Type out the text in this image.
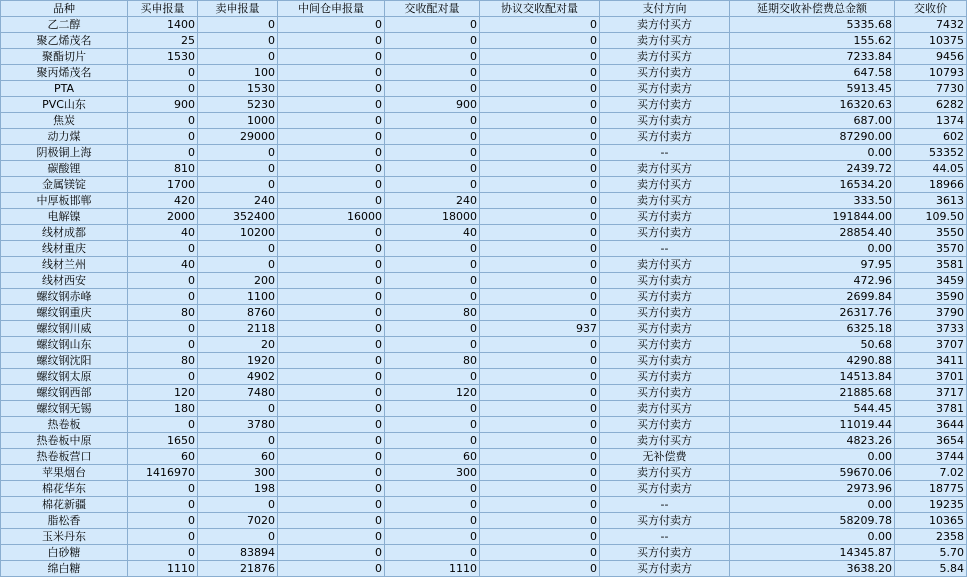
品种	买申报量	卖申报量	中间仓申报量	交收配对量	协议交收配对量	支付方向	延期交收补偿费总金额	交收价
乙二醇	1400	0	0	0	0	卖方付买方	5335.68	7432
聚乙烯茂名	25	0	0	0	0	卖方付买方	155.62	10375
聚酯切片	1530	0	0	0	0	卖方付买方	7233.84	9456
聚丙烯茂名	0	100	0	0	0	买方付卖方	647.58	10793
PTA	0	1530	0	0	0	买方付卖方	5913.45	7730
PVC山东	900	5230	0	900	0	买方付卖方	16320.63	6282
焦炭	0	1000	0	0	0	买方付卖方	687.00	1374
动力煤	0	29000	0	0	0	买方付卖方	87290.00	602
阴极铜上海	0	0	0	0	0	--	0.00	53352
碳酸锂	810	0	0	0	0	卖方付买方	2439.72	44.05
金属镁锭	1700	0	0	0	0	卖方付买方	16534.20	18966
中厚板邯郸	420	240	0	240	0	卖方付买方	333.50	3613
电解镍	2000	352400	16000	18000	0	买方付卖方	191844.00	109.50
线材成都	40	10200	0	40	0	买方付卖方	28854.40	3550
线材重庆	0	0	0	0	0	--	0.00	3570
线材兰州	40	0	0	0	0	卖方付买方	97.95	3581
线材西安	0	200	0	0	0	买方付卖方	472.96	3459
螺纹钢赤峰	0	1100	0	0	0	买方付卖方	2699.84	3590
螺纹钢重庆	80	8760	0	80	0	买方付卖方	26317.76	3790
螺纹钢川威	0	2118	0	0	937	买方付卖方	6325.18	3733
螺纹钢山东	0	20	0	0	0	买方付卖方	50.68	3707
螺纹钢沈阳	80	1920	0	80	0	买方付卖方	4290.88	3411
螺纹钢太原	0	4902	0	0	0	买方付卖方	14513.84	3701
螺纹钢西部	120	7480	0	120	0	买方付卖方	21885.68	3717
螺纹钢无锡	180	0	0	0	0	卖方付买方	544.45	3781
热卷板	0	3780	0	0	0	买方付卖方	11019.44	3644
热卷板中原	1650	0	0	0	0	卖方付买方	4823.26	3654
热卷板营口	60	60	0	60	0	无补偿费	0.00	3744
苹果烟台	1416970	300	0	300	0	卖方付买方	59670.06	7.02
棉花华东	0	198	0	0	0	买方付卖方	2973.96	18775
棉花新疆	0	0	0	0	0	--	0.00	19235
脂松香	0	7020	0	0	0	买方付卖方	58209.78	10365
玉米丹东	0	0	0	0	0	--	0.00	2358
白砂糖	0	83894	0	0	0	买方付卖方	14345.87	5.70
绵白糖	1110	21876	0	1110	0	买方付卖方	3638.20	5.84
